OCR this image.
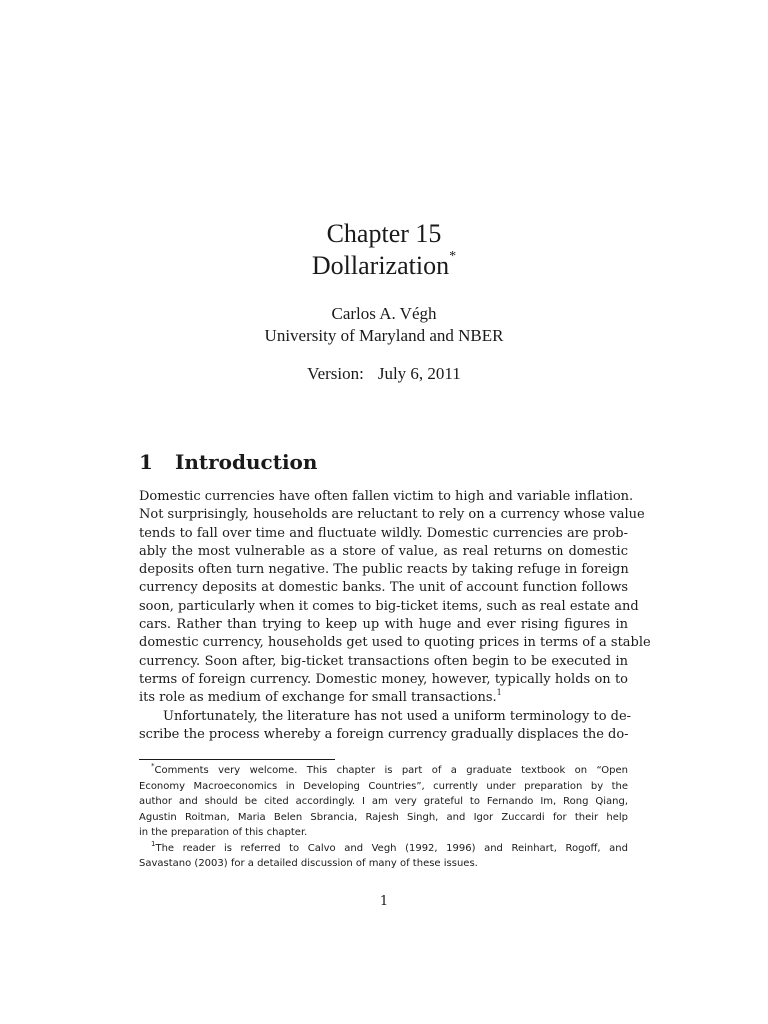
Chapter 15
Dollarization*
Carlos A. Végh
University of Maryland and NBER
Version: July 6, 2011
1 Introduction
Domestic currencies have often fallen victim to high and variable inflation.
Not surprisingly, households are reluctant to rely on a currency whose value
tends to fall over time and fluctuate wildly. Domestic currencies are prob-
ably the most vulnerable as a store of value, as real returns on domestic
deposits often turn negative. The public reacts by taking refuge in foreign
currency deposits at domestic banks. The unit of account function follows
soon, particularly when it comes to big-ticket items, such as real estate and
cars. Rather than trying to keep up with huge and ever rising figures in
domestic currency, households get used to quoting prices in terms of a stable
currency. Soon after, big-ticket transactions often begin to be executed in
terms of foreign currency. Domestic money, however, typically holds on to
its role as medium of exchange for small transactions.$^1$
Unfortunately, the literature has not used a uniform terminology to de-
scribe the process whereby a foreign currency gradually displaces the do-
*Comments very welcome. This chapter is part of a graduate textbook on “Open
Economy Macroeconomics in Developing Countries”, currently under preparation by the
author and should be cited accordingly. I am very grateful to Fernando Im, Rong Qiang,
Agustin Roitman, Maria Belen Sbrancia, Rajesh Singh, and Igor Zuccardi for their help
in the preparation of this chapter.
$^1$The reader is referred to Calvo and Vegh (1992, 1996) and Reinhart, Rogoff, and
Savastano (2003) for a detailed discussion of many of these issues.
1
